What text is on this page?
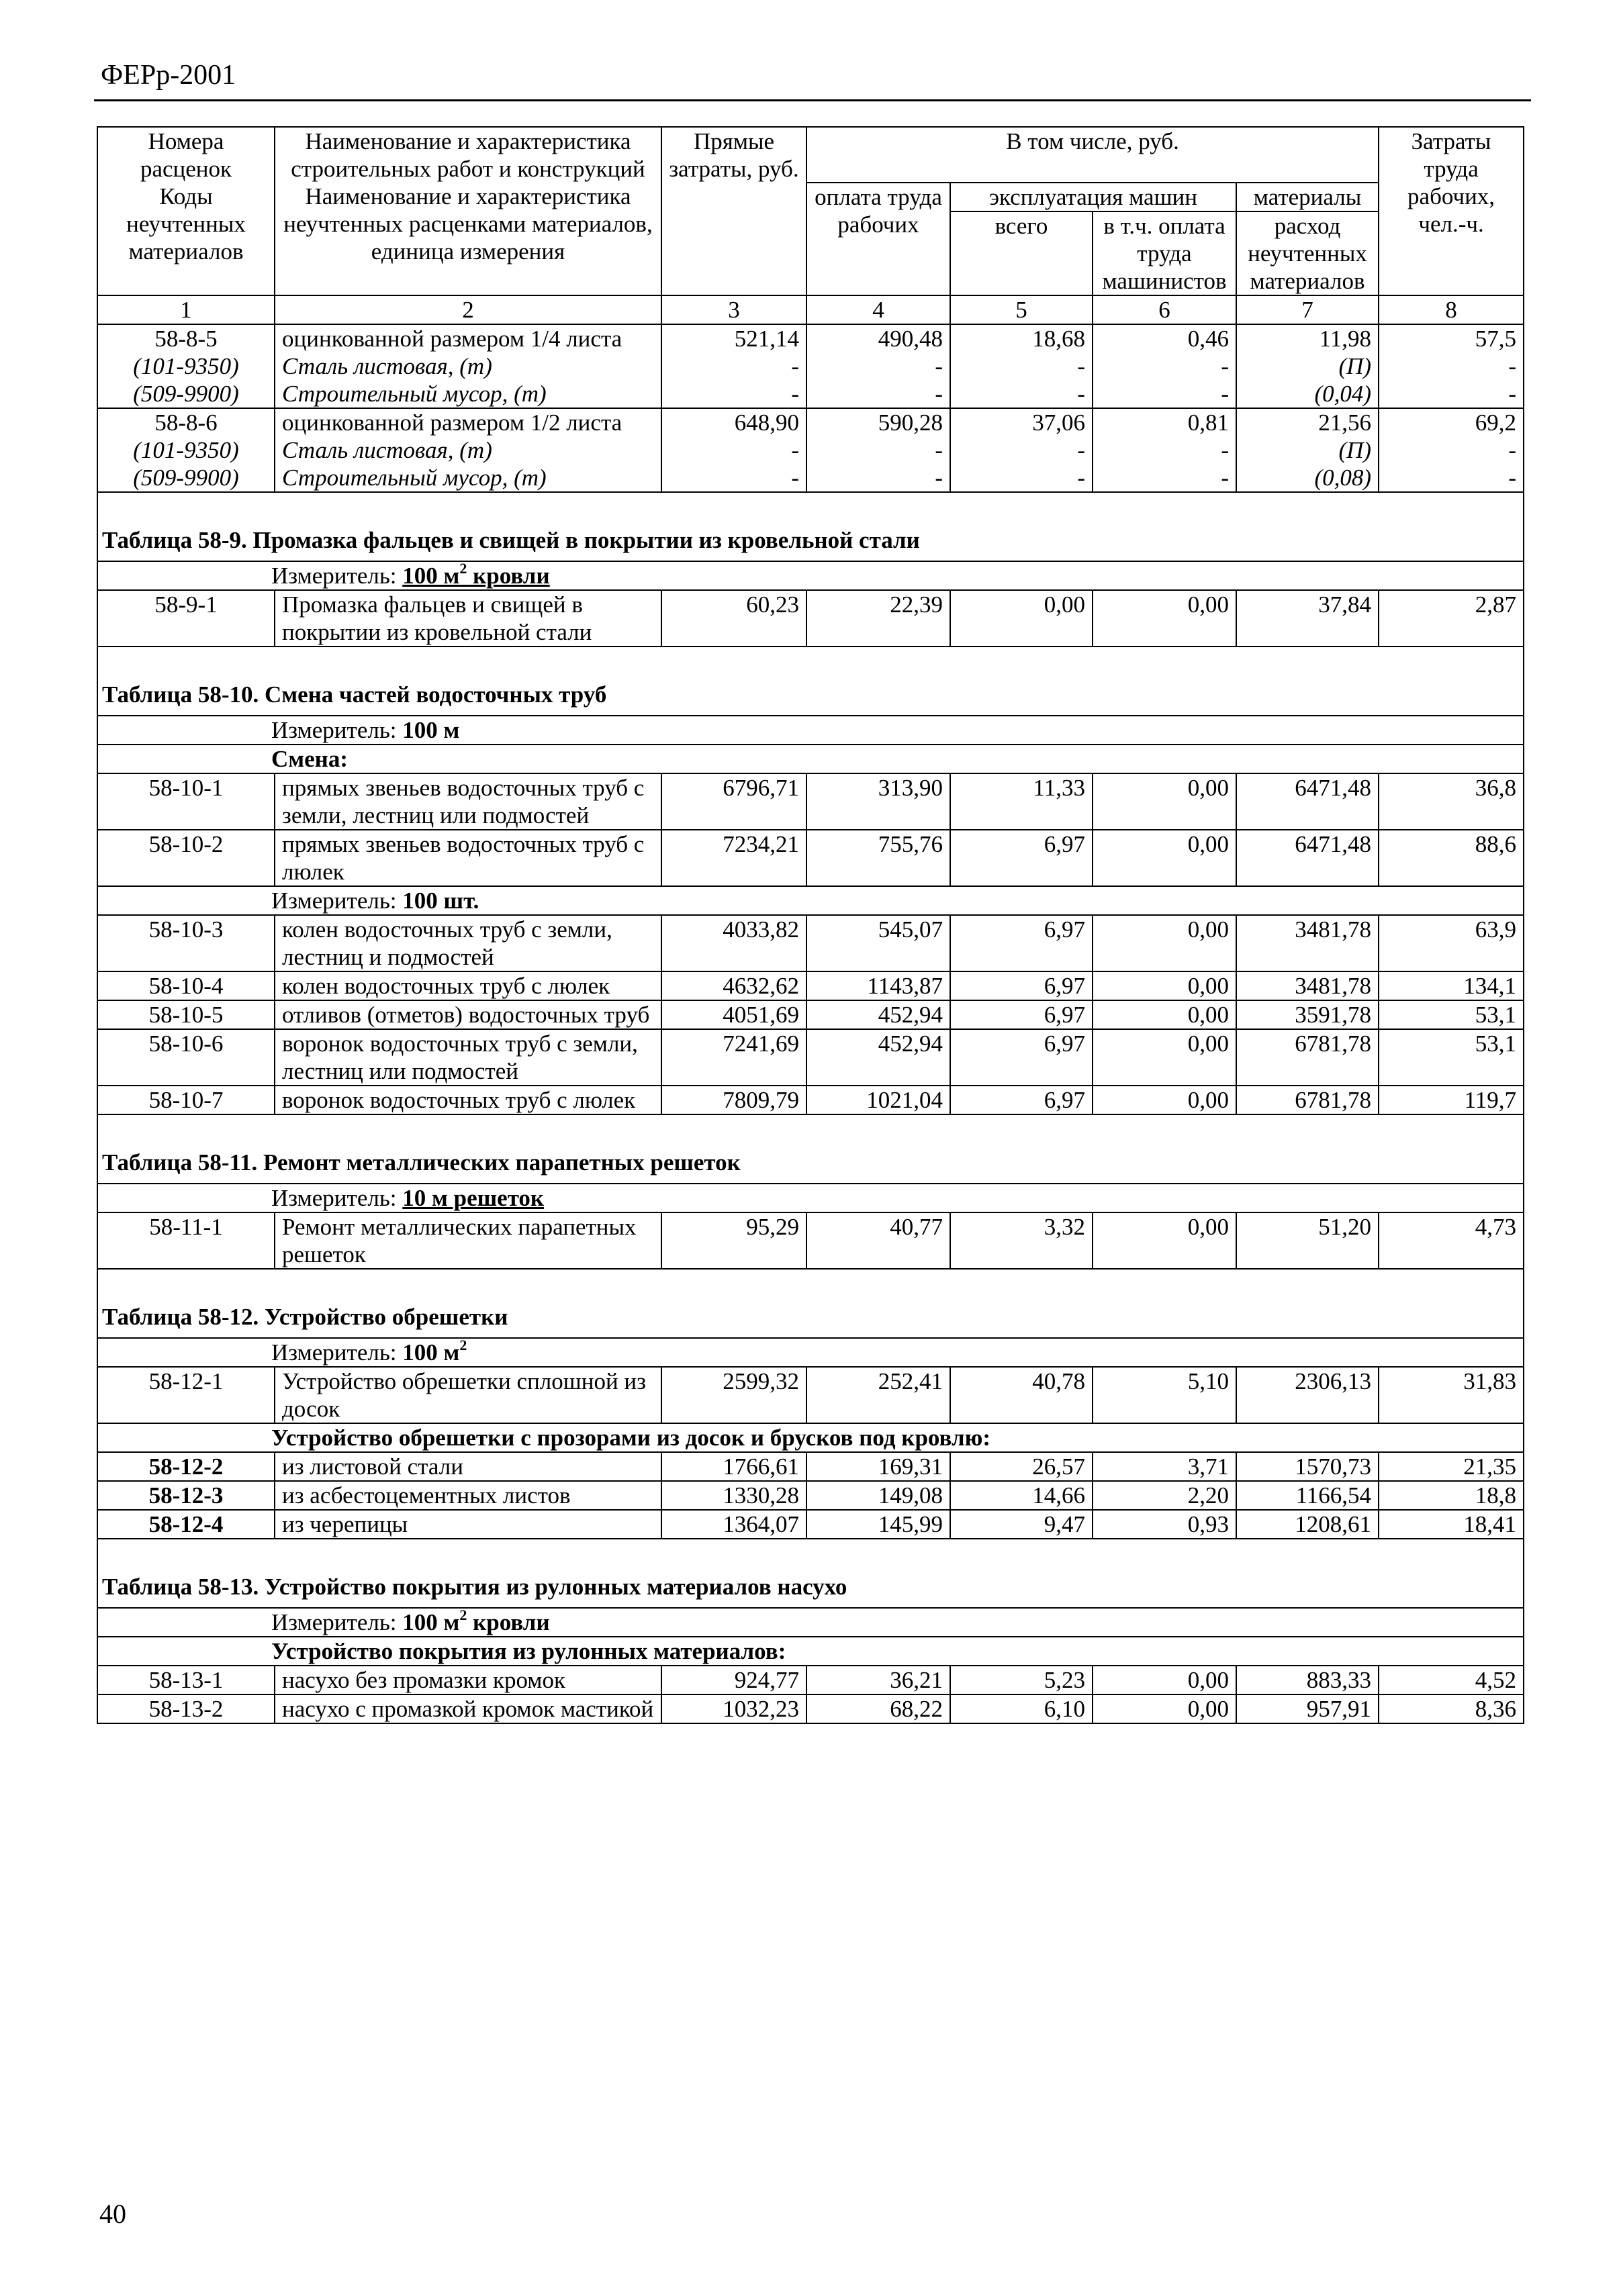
ФЕРр-2001
Номера расценок	Наименование и характеристика строительных работ и конструкций	Прямые затраты, руб.	В том числе, руб.				Затраты труда рабочих, чел.-ч.
Коды неучтенных материалов	Наименование и характеристика неучтенных расценками материалов, единица измерения		оплата труда рабочих	эксплуатация машин		материалы	
				всего	в т.ч. оплата труда машинистов	расход неучтенных материалов	

1	2	3	4	5	6	7	8
58-8-5	оцинкованной размером 1/4 листа	521,14	490,48	18,68	0,46	11,98	57,5
(101-9350)	Сталь листовая, (т)	-	-	-	-	(П)	-
(509-9900)	Строительный мусор, (т)	-	-	-	-	(0,04)	-
58-8-6	оцинкованной размером 1/2 листа	648,90	590,28	37,06	0,81	21,56	69,2
(101-9350)	Сталь листовая, (т)	-	-	-	-	(П)	-
(509-9900)	Строительный мусор, (т)	-	-	-	-	(0,08)	-
Таблица 58-9. Промазка фальцев и свищей в покрытии из кровельной стали							
Измеритель: 100 $м^2$ кровли							
58-9-1	Промазка фальцев и свищей в покрытии из кровельной стали	60,23	22,39	0,00	0,00	37,84	2,87
Таблица 58-10. Смена частей водосточных труб							
Измеритель: 100 м							
Смена:							
58-10-1	прямых звеньев водосточных труб с земли, лестниц или подмостей	6796,71	313,90	11,33	0,00	6471,48	36,8
58-10-2	прямых звеньев водосточных труб с люлек	7234,21	755,76	6,97	0,00	6471,48	88,6
Измеритель: 100 шт.							
58-10-3	колен водосточных труб с земли, лестниц и подмостей	4033,82	545,07	6,97	0,00	3481,78	63,9
58-10-4	колен водосточных труб с люлек	4632,62	1143,87	6,97	0,00	3481,78	134,1
58-10-5	отливов (отметов) водосточных труб	4051,69	452,94	6,97	0,00	3591,78	53,1
58-10-6	воронок водосточных труб с земли, лестниц или подмостей	7241,69	452,94	6,97	0,00	6781,78	53,1
58-10-7	воронок водосточных труб с люлек	7809,79	1021,04	6,97	0,00	6781,78	119,7
Таблица 58-11. Ремонт металлических парапетных решеток							
Измеритель: 10 м решеток							
58-11-1	Ремонт металлических парапетных решеток	95,29	40,77	3,32	0,00	51,20	4,73
Таблица 58-12. Устройство обрешетки							
Измеритель: 100 $м^2$
58-12-1	Устройство обрешетки сплошной из досок	2599,32	252,41	40,78	5,10	2306,13	31,83
Устройство обрешетки с прозорами из досок и брусков под кровлю:							
58-12-2	из листовой стали	1766,61	169,31	26,57	3,71	1570,73	21,35
58-12-3	из асбестоцементных листов	1330,28	149,08	14,66	2,20	1166,54	18,8
58-12-4	из черепицы	1364,07	145,99	9,47	0,93	1208,61	18,41
Таблица 58-13. Устройство покрытия из рулонных материалов насухо							
Измеритель: 100 $м^2$ кровли							
Устройство покрытия из рулонных материалов:							
58-13-1	насухо без промазки кромок	924,77	36,21	5,23	0,00	883,33	4,52
58-13-2	насухо с промазкой кромок мастикой	1032,23	68,22	6,10	0,00	957,91	8,36
40
